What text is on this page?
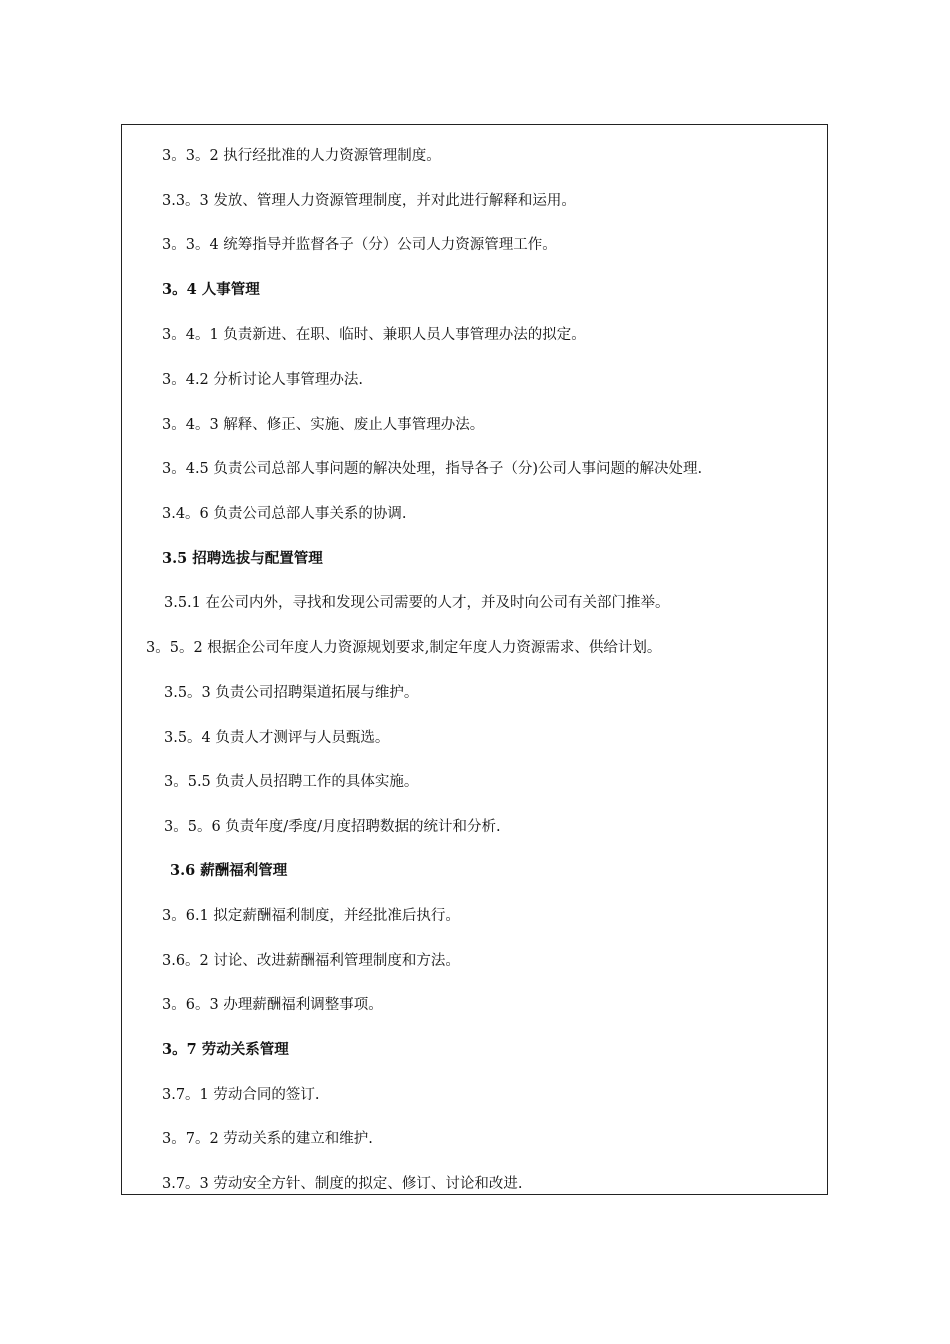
3。3。2 执行经批准的人力资源管理制度。
3.3。3 发放、管理人力资源管理制度，并对此进行解释和运用。
3。3。4 统筹指导并监督各子（分）公司人力资源管理工作。
3。4 人事管理
3。4。1 负责新进、在职、临时、兼职人员人事管理办法的拟定。
3。4.2 分析讨论人事管理办法.
3。4。3 解释、修正、实施、废止人事管理办法。
3。4.5 负责公司总部人事问题的解决处理，指导各子（分)公司人事问题的解决处理.
3.4。6 负责公司总部人事关系的协调.
3.5 招聘选拔与配置管理
3.5.1 在公司内外，寻找和发现公司需要的人才，并及时向公司有关部门推举。
3。5。2 根据企公司年度人力资源规划要求,制定年度人力资源需求、供给计划。
3.5。3 负责公司招聘渠道拓展与维护。
3.5。4 负责人才测评与人员甄选。
3。5.5 负责人员招聘工作的具体实施。
3。5。6 负责年度/季度/月度招聘数据的统计和分析.
3.6 薪酬福利管理
3。6.1 拟定薪酬福利制度，并经批准后执行。
3.6。2 讨论、改进薪酬福利管理制度和方法。
3。6。3 办理薪酬福利调整事项。
3。7 劳动关系管理
3.7。1 劳动合同的签订.
3。7。2 劳动关系的建立和维护.
3.7。3 劳动安全方针、制度的拟定、修订、讨论和改进.
